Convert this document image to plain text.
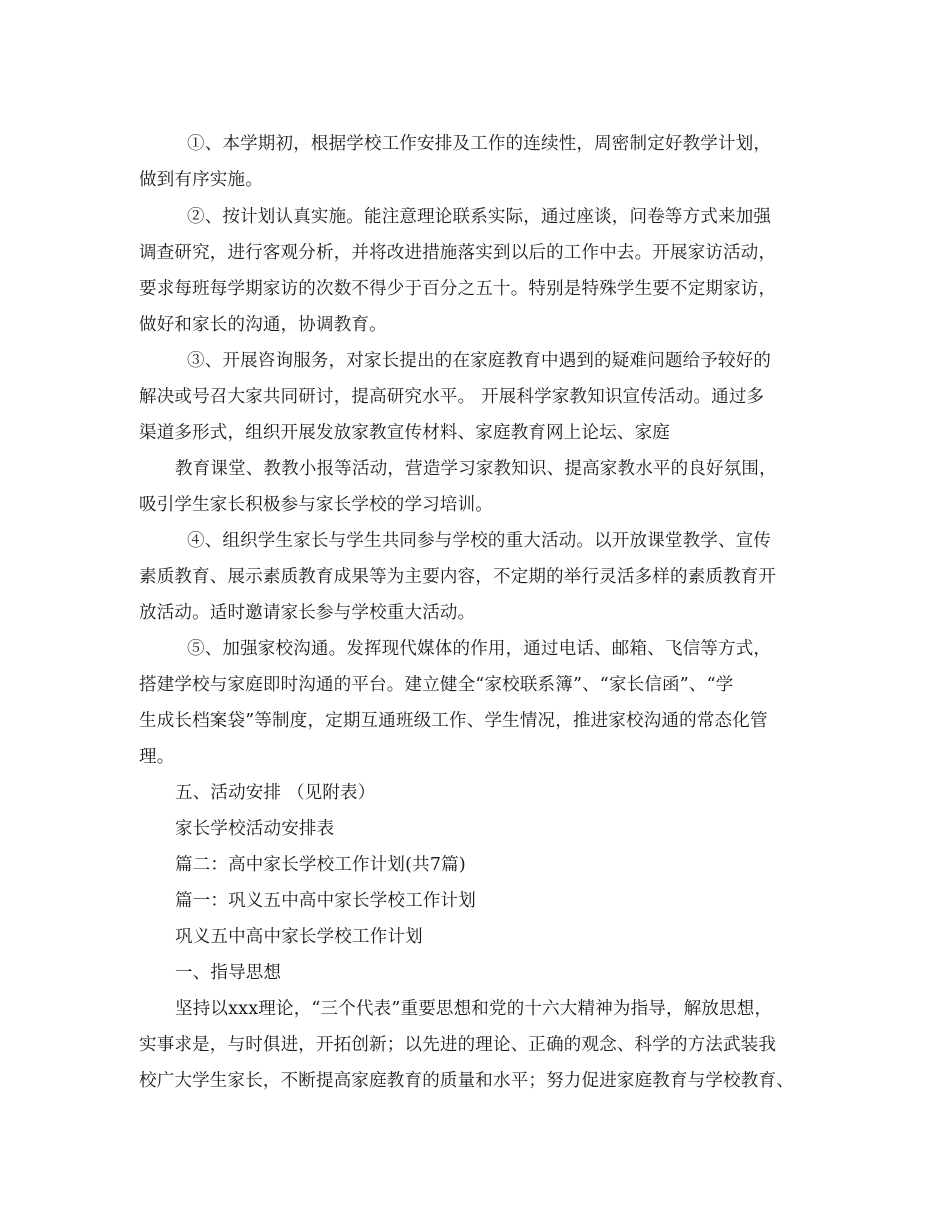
①、本学期初，根据学校工作安排及工作的连续性，周密制定好教学计划，
做到有序实施。
②、按计划认真实施。能注意理论联系实际，通过座谈，问卷等方式来加强
调查研究，进行客观分析，并将改进措施落实到以后的工作中去。开展家访活动，
要求每班每学期家访的次数不得少于百分之五十。特别是特殊学生要不定期家访，
做好和家长的沟通，协调教育。
③、开展咨询服务，对家长提出的在家庭教育中遇到的疑难问题给予较好的
解决或号召大家共同研讨，提高研究水平。 开展科学家教知识宣传活动。通过多
渠道多形式，组织开展发放家教宣传材料、家庭教育网上论坛、家庭
教育课堂、教教小报等活动，营造学习家教知识、提高家教水平的良好氛围，
吸引学生家长积极参与家长学校的学习培训。
④、组织学生家长与学生共同参与学校的重大活动。以开放课堂教学、宣传
素质教育、展示素质教育成果等为主要内容，不定期的举行灵活多样的素质教育开
放活动。适时邀请家长参与学校重大活动。
⑤、加强家校沟通。发挥现代媒体的作用，通过电话、邮箱、飞信等方式，
搭建学校与家庭即时沟通的平台。建立健全“家校联系簿”、“家长信函”、“学
生成长档案袋”等制度，定期互通班级工作、学生情况，推进家校沟通的常态化管
理。
五、活动安排 （见附表）
家长学校活动安排表
篇二：高中家长学校工作计划(共7篇)
篇一：巩义五中高中家长学校工作计划
巩义五中高中家长学校工作计划
一、指导思想
坚持以xxx理论，“三个代表”重要思想和党的十六大精神为指导，解放思想，
实事求是，与时俱进，开拓创新；以先进的理论、正确的观念、科学的方法武装我
校广大学生家长，不断提高家庭教育的质量和水平；努力促进家庭教育与学校教育、
